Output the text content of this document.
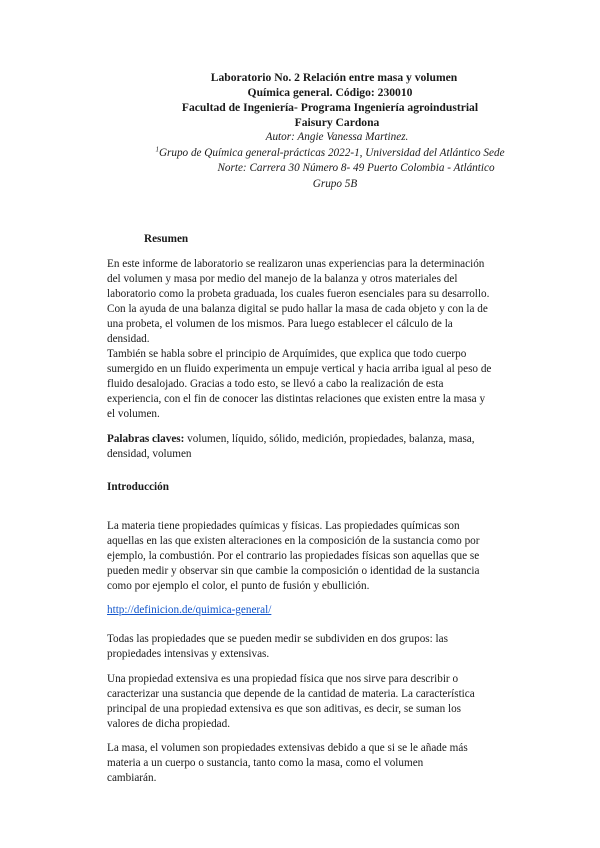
Laboratorio No. 2 Relación entre masa y volumen
Química general. Código: 230010
Facultad de Ingeniería- Programa Ingeniería agroindustrial
Faisury Cardona
Autor: Angie Vanessa Martinez.
$^1$Grupo de Química general-prácticas 2022-1, Universidad del Atlántico Sede
Norte: Carrera 30 Número 8- 49 Puerto Colombia - Atlántico
Grupo 5B
Resumen

En este informe de laboratorio se realizaron unas experiencias para la determinación

del volumen y masa por medio del manejo de la balanza y otros materiales del

laboratorio como la probeta graduada, los cuales fueron esenciales para su desarrollo.

Con la ayuda de una balanza digital se pudo hallar la masa de cada objeto y con la de

una probeta, el volumen de los mismos. Para luego establecer el cálculo de la

densidad.

También se habla sobre el principio de Arquímides, que explica que todo cuerpo

sumergido en un fluido experimenta un empuje vertical y hacia arriba igual al peso de

fluido desalojado. Gracias a todo esto, se llevó a cabo la realización de esta

experiencia, con el fin de conocer las distintas relaciones que existen entre la masa y

el volumen.

Palabras claves: volumen, líquido, sólido, medición, propiedades, balanza, masa,

densidad, volumen

Introducción

La materia tiene propiedades químicas y físicas. Las propiedades químicas son

aquellas en las que existen alteraciones en la composición de la sustancia como por

ejemplo, la combustión. Por el contrario las propiedades físicas son aquellas que se

pueden medir y observar sin que cambie la composición o identidad de la sustancia

como por ejemplo el color, el punto de fusión y ebullición.

http://definicion.de/quimica-general/

Todas las propiedades que se pueden medir se subdividen en dos grupos: las

propiedades intensivas y extensivas.

Una propiedad extensiva es una propiedad física que nos sirve para describir o

caracterizar una sustancia que depende de la cantidad de materia. La característica

principal de una propiedad extensiva es que son aditivas, es decir, se suman los

valores de dicha propiedad.

La masa, el volumen son propiedades extensivas debido a que si se le añade más

materia a un cuerpo o sustancia, tanto como la masa, como el volumen

cambiarán.
